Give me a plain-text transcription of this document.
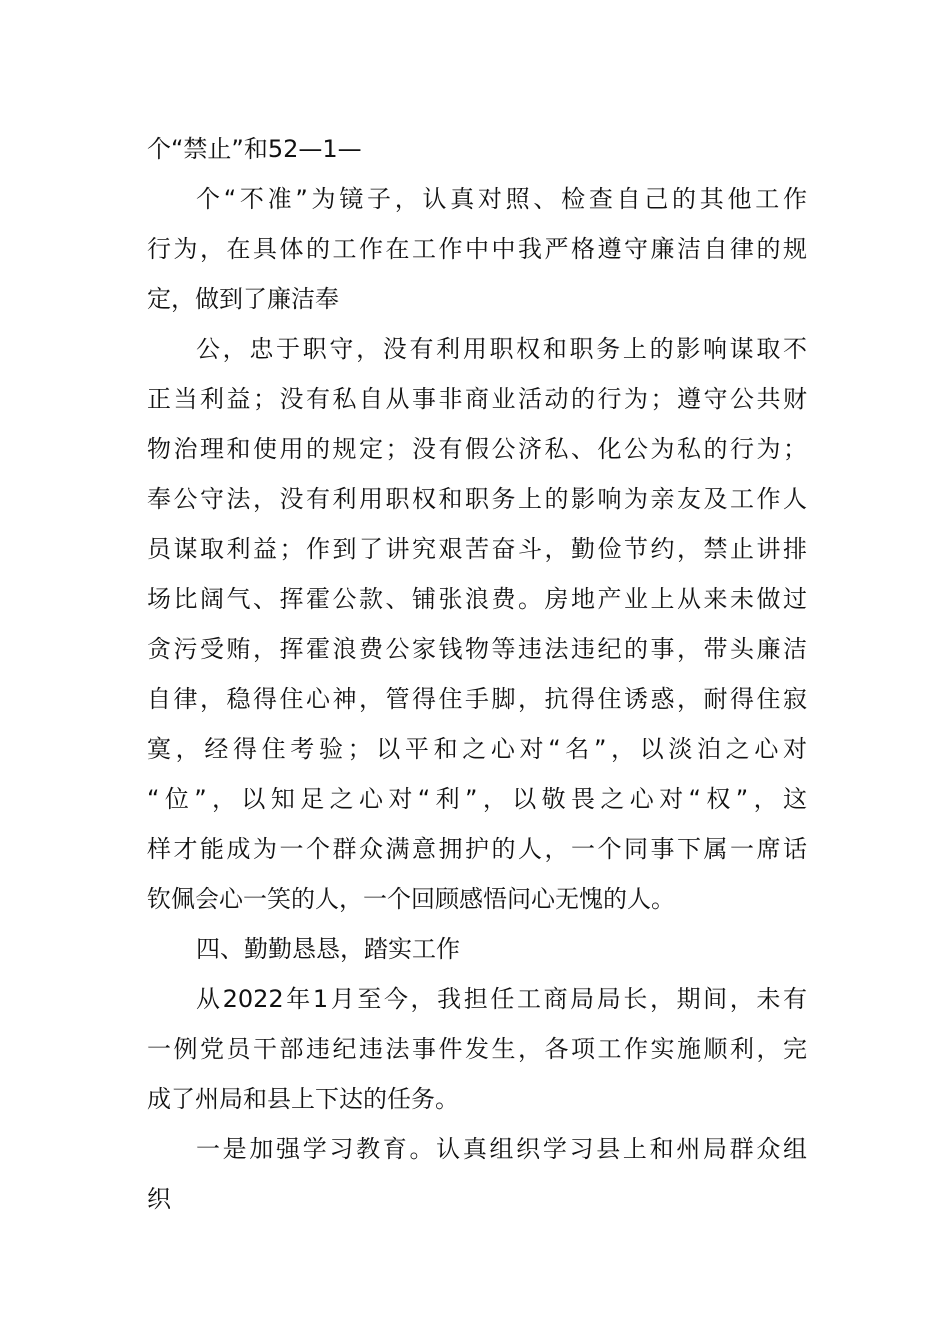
个“禁止”和52—1—
个“不准”为镜子，认真对照、检查自己的其他工作
行为，在具体的工作在工作中中我严格遵守廉洁自律的规
定，做到了廉洁奉
公，忠于职守，没有利用职权和职务上的影响谋取不
正当利益；没有私自从事非商业活动的行为；遵守公共财
物治理和使用的规定；没有假公济私、化公为私的行为；
奉公守法，没有利用职权和职务上的影响为亲友及工作人
员谋取利益；作到了讲究艰苦奋斗，勤俭节约，禁止讲排
场比阔气、挥霍公款、铺张浪费。房地产业上从来未做过
贪污受贿，挥霍浪费公家钱物等违法违纪的事，带头廉洁
自律，稳得住心神，管得住手脚，抗得住诱惑，耐得住寂
寞，经得住考验；以平和之心对“名”，以淡泊之心对
“位”，以知足之心对“利”，以敬畏之心对“权”，这
样才能成为一个群众满意拥护的人，一个同事下属一席话
钦佩会心一笑的人，一个回顾感悟问心无愧的人。
四、勤勤恳恳，踏实工作
从2022年1月至今，我担任工商局局长，期间，未有
一例党员干部违纪违法事件发生，各项工作实施顺利，完
成了州局和县上下达的任务。
一是加强学习教育。认真组织学习县上和州局群众组
织
